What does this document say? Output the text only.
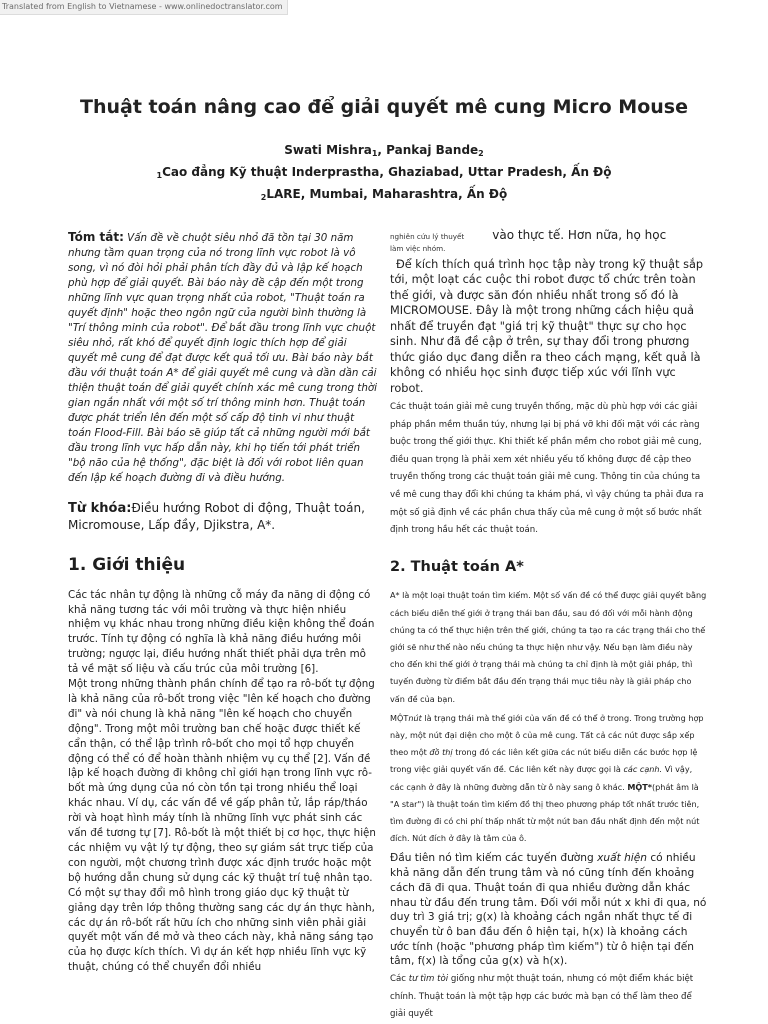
Translated from English to Vietnamese - www.onlinedoctranslator.com
Thuật toán nâng cao để giải quyết mê cung Micro Mouse
Swati Mishra$_1$, Pankaj Bande$_2$
$_1$Cao đẳng Kỹ thuật Inderprastha, Ghaziabad, Uttar Pradesh, Ấn Độ
$_2$LARE, Mumbai, Maharashtra, Ấn Độ

Tóm tắt: Vấn đề về chuột siêu nhỏ đã tồn tại 30 năm nhưng tầm quan trọng của nó trong lĩnh vực robot là vô song, vì nó đòi hỏi phải phân tích đầy đủ và lập kế hoạch phù hợp để giải quyết. Bài báo này đề cập đến một trong những lĩnh vực quan trọng nhất của robot, "Thuật toán ra quyết định" hoặc theo ngôn ngữ của người bình thường là "Trí thông minh của robot". Để bắt đầu trong lĩnh vực chuột siêu nhỏ, rất khó để quyết định logic thích hợp để giải quyết mê cung để đạt được kết quả tối ưu. Bài báo này bắt đầu với thuật toán A* để giải quyết mê cung và dần dần cải thiện thuật toán để giải quyết chính xác mê cung trong thời gian ngắn nhất với một số trí thông minh hơn. Thuật toán được phát triển lên đến một số cấp độ tinh vi như thuật toán Flood-Fill. Bài báo sẽ giúp tất cả những người mới bắt đầu trong lĩnh vực hấp dẫn này, khi họ tiến tới phát triển "bộ não của hệ thống", đặc biệt là đối với robot liên quan đến lập kế hoạch đường đi và điều hướng.

Từ khóa:Điều hướng Robot di động, Thuật toán, Micromouse, Lấp đầy, Djikstra, A*.

1. Giới thiệu

Các tác nhân tự động là những cỗ máy đa năng di động có khả năng tương tác với môi trường và thực hiện nhiều nhiệm vụ khác nhau trong những điều kiện không thể đoán trước. Tính tự động có nghĩa là khả năng điều hướng môi trường; ngược lại, điều hướng nhất thiết phải dựa trên mô tả về mặt số liệu và cấu trúc của môi trường [6].

Một trong những thành phần chính để tạo ra rô-bốt tự động là khả năng của rô-bốt trong việc "lên kế hoạch cho đường đi" và nói chung là khả năng "lên kế hoạch cho chuyển động". Trong một môi trường ban chế hoặc được thiết kế cẩn thận, có thể lập trình rô-bốt cho mọi tổ hợp chuyển động có thể có để hoàn thành nhiệm vụ cụ thể [2]. Vấn đề lập kế hoạch đường đi không chỉ giới hạn trong lĩnh vực rô-bốt mà ứng dụng của nó còn tồn tại trong nhiều thể loại khác nhau. Ví dụ, các vấn đề về gấp phân tử, lắp ráp/tháo rời và hoạt hình máy tính là những lĩnh vực phát sinh các vấn đề tương tự [7]. Rô-bốt là một thiết bị cơ học, thực hiện các nhiệm vụ vật lý tự động, theo sự giám sát trực tiếp của con người, một chương trình được xác định trước hoặc một bộ hướng dẫn chung sử dụng các kỹ thuật trí tuệ nhân tạo. Có một sự thay đổi mô hình trong giáo dục kỹ thuật từ giảng dạy trên lớp thông thường sang các dự án thực hành, các dự án rô-bốt rất hữu ích cho những sinh viên phải giải quyết một vấn đề mở và theo cách này, khả năng sáng tạo của họ được kích thích. Vì dự án kết hợp nhiều lĩnh vực kỹ thuật, chúng có thể chuyển đổi nhiều

nghiên cứu lý thuyết vào thực tế. Hơn nữa, họ học
làm việc nhóm.

Để kích thích quá trình học tập này trong kỹ thuật sắp tới, một loạt các cuộc thi robot được tổ chức trên toàn thế giới, và được săn đón nhiều nhất trong số đó là MICROMOUSE. Đây là một trong những cách hiệu quả nhất để truyền đạt "giá trị kỹ thuật" thực sự cho học sinh. Như đã đề cập ở trên, sự thay đổi trong phương thức giáo dục đang diễn ra theo cách mạng, kết quả là không có nhiều học sinh được tiếp xúc với lĩnh vực robot.

Các thuật toán giải mê cung truyền thống, mặc dù phù hợp với các giải pháp phần mềm thuần túy, nhưng lại bị phá vỡ khi đối mặt với các ràng buộc trong thế giới thực. Khi thiết kế phần mềm cho robot giải mê cung, điều quan trọng là phải xem xét nhiều yếu tố không được đề cập theo truyền thống trong các thuật toán giải mê cung. Thông tin của chúng ta về mê cung thay đổi khi chúng ta khám phá, vì vậy chúng ta phải đưa ra một số giả định về các phần chưa thấy của mê cung ở một số bước nhất định trong hầu hết các thuật toán.

2. Thuật toán A*

A* là một loại thuật toán tìm kiếm. Một số vấn đề có thể được giải quyết bằng cách biểu diễn thế giới ở trạng thái ban đầu, sau đó đối với mỗi hành động chúng ta có thể thực hiện trên thế giới, chúng ta tạo ra các trạng thái cho thế giới sẽ như thế nào nếu chúng ta thực hiện như vậy. Nếu bạn làm điều này cho đến khi thế giới ở trạng thái mà chúng ta chỉ định là một giải pháp, thì tuyến đường từ điểm bắt đầu đến trạng thái mục tiêu này là giải pháp cho vấn đề của bạn.

MỘTnút là trạng thái mà thế giới của vấn đề có thể ở trong. Trong trường hợp này, một nút đại diện cho một ô của mê cung. Tất cả các nút được sắp xếp theo một đồ thị trong đó các liên kết giữa các nút biểu diễn các bước hợp lệ trong việc giải quyết vấn đề. Các liên kết này được gọi là các cạnh. Vì vậy, các cạnh ở đây là những đường dẫn từ ô này sang ô khác. MỘT*(phát âm là "A star") là thuật toán tìm kiếm đồ thị theo phương pháp tốt nhất trước tiên, tìm đường đi có chi phí thấp nhất từ một nút ban đầu nhất định đến một nút đích. Nút đích ở đây là tâm của ô.

Đầu tiên nó tìm kiếm các tuyến đường xuất hiện có nhiều khả năng dẫn đến trung tâm và nó cũng tính đến khoảng cách đã đi qua. Thuật toán đi qua nhiều đường dẫn khác nhau từ đầu đến trung tâm. Đối với mỗi nút x khi đi qua, nó duy trì 3 giá trị; g(x) là khoảng cách ngắn nhất thực tế đi chuyển từ ô ban đầu đến ô hiện tại, h(x) là khoảng cách ước tính (hoặc "phương pháp tìm kiếm") từ ô hiện tại đến tâm, f(x) là tổng của g(x) và h(x).

Các tư tìm tòi giống như một thuật toán, nhưng có một điểm khác biệt chính. Thuật toán là một tập hợp các bước mà bạn có thể làm theo để giải quyết
